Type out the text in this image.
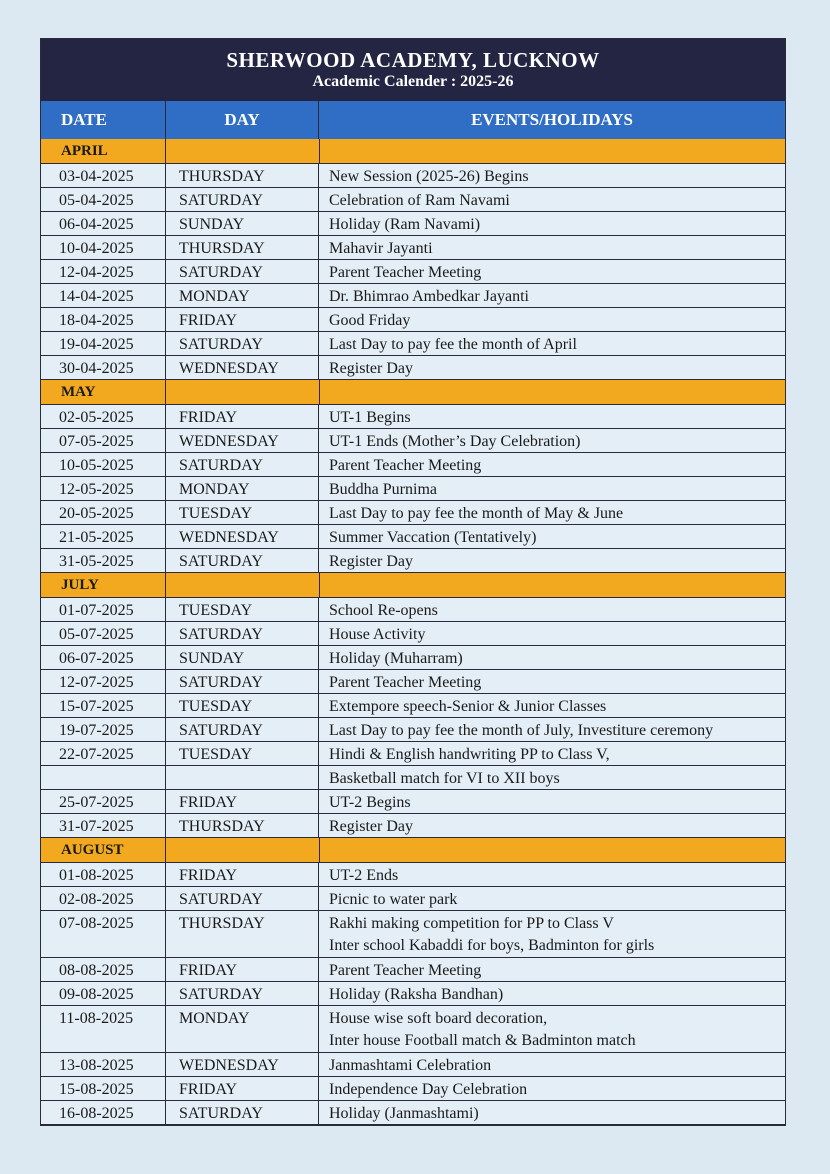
SHERWOOD ACADEMY, LUCKNOW
Academic Calender : 2025-26
DATE	DAY	EVENTS/HOLIDAYS
APRIL
03-04-2025	THURSDAY	New Session (2025-26) Begins
05-04-2025	SATURDAY	Celebration of Ram Navami
06-04-2025	SUNDAY	Holiday (Ram Navami)
10-04-2025	THURSDAY	Mahavir Jayanti
12-04-2025	SATURDAY	Parent Teacher Meeting
14-04-2025	MONDAY	Dr. Bhimrao Ambedkar Jayanti
18-04-2025	FRIDAY	Good Friday
19-04-2025	SATURDAY	Last Day to pay fee the month of April
30-04-2025	WEDNESDAY	Register Day
MAY
02-05-2025	FRIDAY	UT-1 Begins
07-05-2025	WEDNESDAY	UT-1 Ends (Mother’s Day Celebration)
10-05-2025	SATURDAY	Parent Teacher Meeting
12-05-2025	MONDAY	Buddha Purnima
20-05-2025	TUESDAY	Last Day to pay fee the month of May & June
21-05-2025	WEDNESDAY	Summer Vaccation (Tentatively)
31-05-2025	SATURDAY	Register Day
JULY
01-07-2025	TUESDAY	School Re-opens
05-07-2025	SATURDAY	House Activity
06-07-2025	SUNDAY	Holiday (Muharram)
12-07-2025	SATURDAY	Parent Teacher Meeting
15-07-2025	TUESDAY	Extempore speech-Senior & Junior Classes
19-07-2025	SATURDAY	Last Day to pay fee the month of July, Investiture ceremony
22-07-2025	TUESDAY	Hindi & English handwriting PP to Class V,
Basketball match for VI to XII boys
25-07-2025	FRIDAY	UT-2 Begins
31-07-2025	THURSDAY	Register Day
AUGUST
01-08-2025	FRIDAY	UT-2 Ends
02-08-2025	SATURDAY	Picnic to water park
07-08-2025	THURSDAY	Rakhi making competition for PP to Class V
Inter school Kabaddi for boys, Badminton for girls
08-08-2025	FRIDAY	Parent Teacher Meeting
09-08-2025	SATURDAY	Holiday (Raksha Bandhan)
11-08-2025	MONDAY	House wise soft board decoration,
Inter house Football match & Badminton match
13-08-2025	WEDNESDAY	Janmashtami Celebration
15-08-2025	FRIDAY	Independence Day Celebration
16-08-2025	SATURDAY	Holiday (Janmashtami)
